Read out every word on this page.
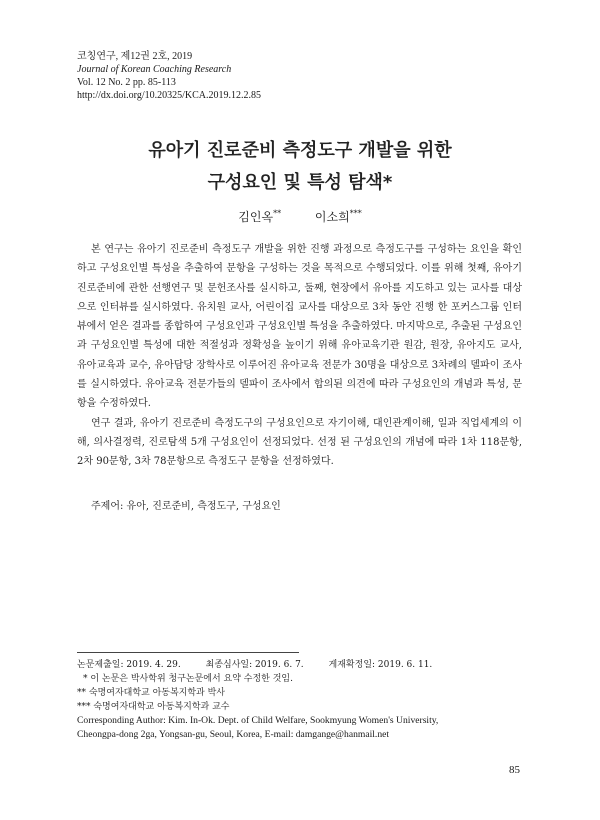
코칭연구, 제12권 2호, 2019
Journal of Korean Coaching Research
Vol. 12 No. 2 pp. 85-113
http://dx.doi.org/10.20325/KCA.2019.12.2.85
유아기 진로준비 측정도구 개발을 위한
구성요인 및 특성 탐색*
김인옥**	이소희***

본 연구는 유아기 진로준비 측정도구 개발을 위한 진행 과정으로 측정도구를 구성하는 요인을 확인하고 구성요인별 특성을 추출하여 문항을 구성하는 것을 목적으로 수행되었다. 이를 위해 첫째, 유아기 진로준비에 관한 선행연구 및 문헌조사를 실시하고, 둘째, 현장에서 유아를 지도하고 있는 교사를 대상으로 인터뷰를 실시하였다. 유치원 교사, 어린이집 교사를 대상으로 3차 동안 진행 한 포커스그룹 인터뷰에서 얻은 결과를 종합하여 구성요인과 구성요인별 특성을 추출하였다. 마지막으로, 추출된 구성요인과 구성요인별 특성에 대한 적절성과 정확성을 높이기 위해 유아교육기관 원감, 원장, 유아지도 교사, 유아교육과 교수, 유아담당 장학사로 이루어진 유아교육 전문가 30명을 대상으로 3차례의 델파이 조사를 실시하였다. 유아교육 전문가들의 델파이 조사에서 합의된 의견에 따라 구성요인의 개념과 특성, 문항을 수정하였다.

연구 결과, 유아기 진로준비 측정도구의 구성요인으로 자기이해, 대인관계이해, 일과 직업세계의 이해, 의사결정력, 진로탐색 5개 구성요인이 선정되었다. 선정 된 구성요인의 개념에 따라 1차 118문항, 2차 90문항, 3차 78문항으로 측정도구 문항을 선정하였다.

주제어: 유아, 진로준비, 측정도구, 구성요인
논문제출일: 2019. 4. 29.	최종심사일: 2019. 6. 7.	게재확정일: 2019. 6. 11.
* 이 논문은 박사학위 청구논문에서 요약 수정한 것임.
** 숙명여자대학교 아동복지학과 박사
*** 숙명여자대학교 아동복지학과 교수
Corresponding Author: Kim. In-Ok. Dept. of Child Welfare, Sookmyung Women's University,
Cheongpa-dong 2ga, Yongsan-gu, Seoul, Korea, E-mail: damgange@hanmail.net
85
